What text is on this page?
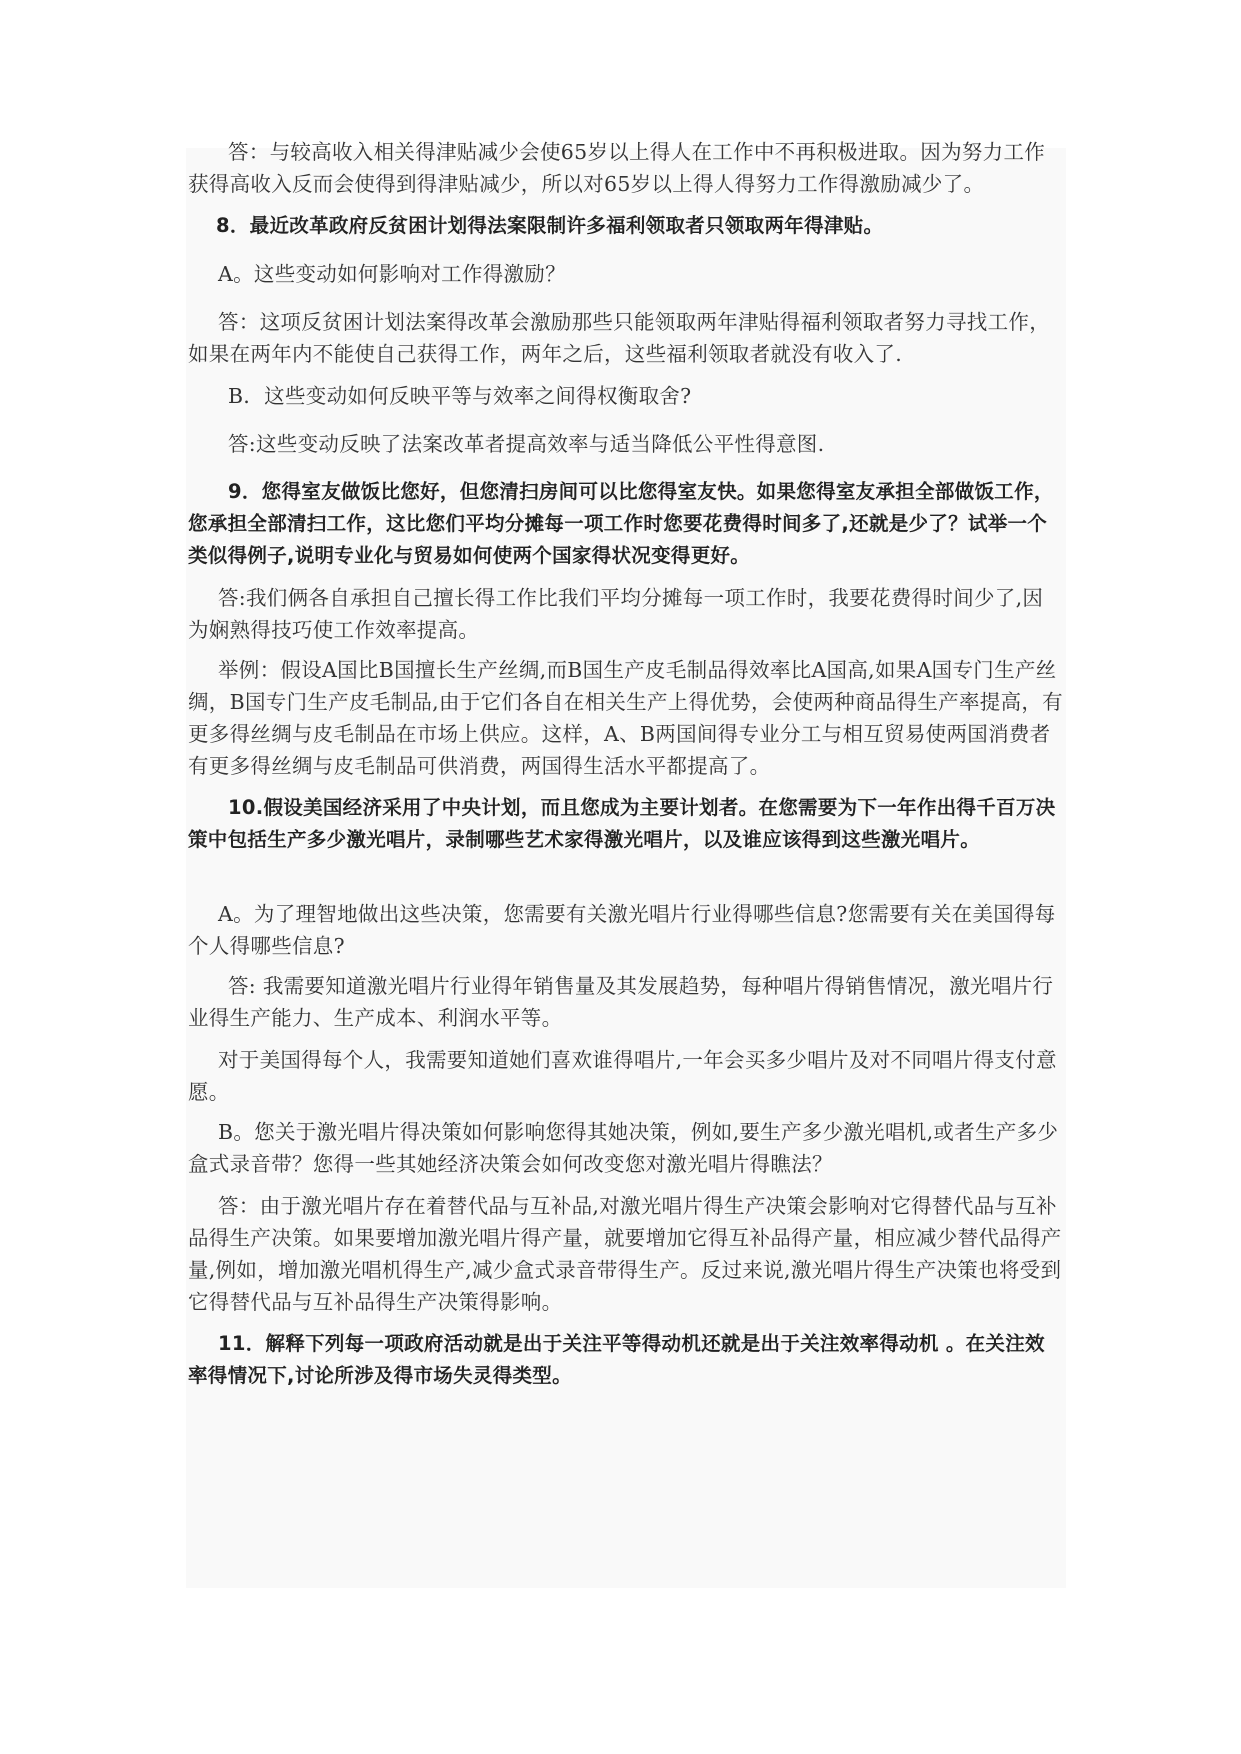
答：与较高收入相关得津贴减少会使65岁以上得人在工作中不再积极进取。因为努力工作获得高收入反而会使得到得津贴减少，所以对65岁以上得人得努力工作得激励减少了。

8．最近改革政府反贫困计划得法案限制许多福利领取者只领取两年得津贴。

A。这些变动如何影响对工作得激励？

答：这项反贫困计划法案得改革会激励那些只能领取两年津贴得福利领取者努力寻找工作，如果在两年内不能使自己获得工作，两年之后，这些福利领取者就没有收入了.

B．这些变动如何反映平等与效率之间得权衡取舍?

答:这些变动反映了法案改革者提高效率与适当降低公平性得意图.

9．您得室友做饭比您好，但您清扫房间可以比您得室友快。如果您得室友承担全部做饭工作，您承担全部清扫工作，这比您们平均分摊每一项工作时您要花费得时间多了,还就是少了？试举一个类似得例子,说明专业化与贸易如何使两个国家得状况变得更好。

答:我们俩各自承担自己擅长得工作比我们平均分摊每一项工作时，我要花费得时间少了,因为娴熟得技巧使工作效率提高。

举例：假设A国比B国擅长生产丝绸,而B国生产皮毛制品得效率比A国高,如果A国专门生产丝绸，B国专门生产皮毛制品,由于它们各自在相关生产上得优势，会使两种商品得生产率提高，有更多得丝绸与皮毛制品在市场上供应。这样，A、B两国间得专业分工与相互贸易使两国消费者有更多得丝绸与皮毛制品可供消费，两国得生活水平都提高了。

10.假设美国经济采用了中央计划，而且您成为主要计划者。在您需要为下一年作出得千百万决策中包括生产多少激光唱片，录制哪些艺术家得激光唱片，以及谁应该得到这些激光唱片。

A。为了理智地做出这些决策，您需要有关激光唱片行业得哪些信息?您需要有关在美国得每个人得哪些信息?

答: 我需要知道激光唱片行业得年销售量及其发展趋势，每种唱片得销售情况，激光唱片行业得生产能力、生产成本、利润水平等。

对于美国得每个人，我需要知道她们喜欢谁得唱片,一年会买多少唱片及对不同唱片得支付意愿。

B。您关于激光唱片得决策如何影响您得其她决策，例如,要生产多少激光唱机,或者生产多少盒式录音带？您得一些其她经济决策会如何改变您对激光唱片得瞧法？

答：由于激光唱片存在着替代品与互补品,对激光唱片得生产决策会影响对它得替代品与互补品得生产决策。如果要增加激光唱片得产量，就要增加它得互补品得产量，相应减少替代品得产量,例如，增加激光唱机得生产,减少盒式录音带得生产。反过来说,激光唱片得生产决策也将受到它得替代品与互补品得生产决策得影响。

11．解释下列每一项政府活动就是出于关注平等得动机还就是出于关注效率得动机 。在关注效率得情况下,讨论所涉及得市场失灵得类型。
